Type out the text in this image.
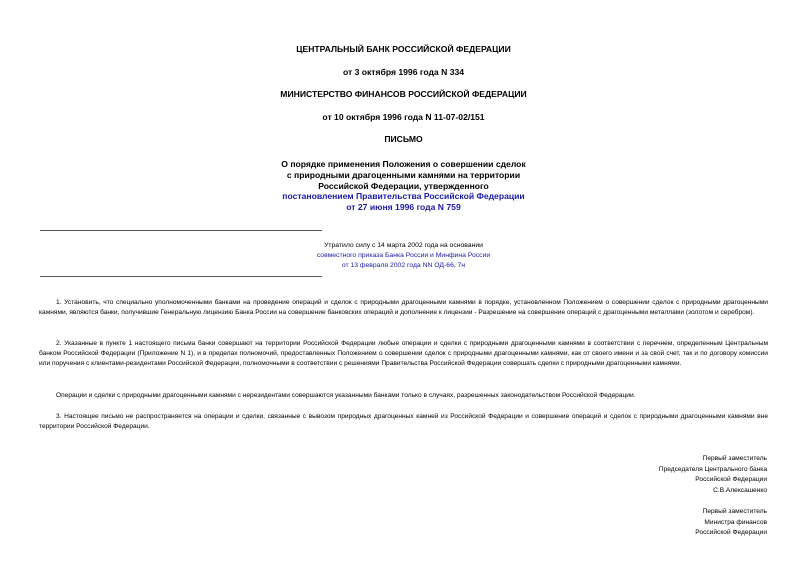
ЦЕНТРАЛЬНЫЙ БАНК РОССИЙСКОЙ ФЕДЕРАЦИИ
от 3 октября 1996 года N 334
МИНИСТЕРСТВО ФИНАНСОВ РОССИЙСКОЙ ФЕДЕРАЦИИ
от 10 октября 1996 года N 11-07-02/151
ПИСЬМО
О порядке применения Положения о совершении сделок
с природными драгоценными камнями на территории
Российской Федерации, утвержденного
постановлением Правительства Российской Федерации
от 27 июня 1996 года N 759
Утратило силу с 14 марта 2002 года на основании
совместного приказа Банка России и Минфина России
от 13 февраля 2002 года NN ОД-66, 7н
1. Установить, что специально уполномоченными банками на проведение операций и сделок с природными драгоценными камнями в порядке, установленном Положением о совершении сделок с природными драгоценными камнями, являются банки, получившие Генеральную лицензию Банка России на совершение банковских операций и дополнение к лицензии - Разрешение на совершение операций с драгоценными металлами (золотом и серебром).
2. Указанные в пункте 1 настоящего письма банки совершают на территории Российской Федерации любые операции и сделки с природными драгоценными камнями в соответствии с перечнем, определенным Центральным банком Российской Федерации (Приложение N 1), и в пределах полномочий, предоставленных Положением о совершении сделок с природными драгоценными камнями, как от своего имени и за свой счет, так и по договору комиссии или поручения с клиентами-резидентами Российской Федерации, полномочными в соответствии с решениями Правительства Российской Федерации совершать сделки с природными драгоценными камнями.
Операции и сделки с природными драгоценными камнями с нерезидентами совершаются указанными банками только в случаях, разрешенных законодательством Российской Федерации.
3. Настоящее письмо не распространяется на операции и сделки, связанные с вывозом природных драгоценных камней из Российской Федерации и совершение операций и сделок с природными драгоценными камнями вне территории Российской Федерации.
Первый заместитель
Председателя Центрального банка
Российской Федерации
С.В.Алексашенко
Первый заместитель
Министра финансов
Российской Федерации
